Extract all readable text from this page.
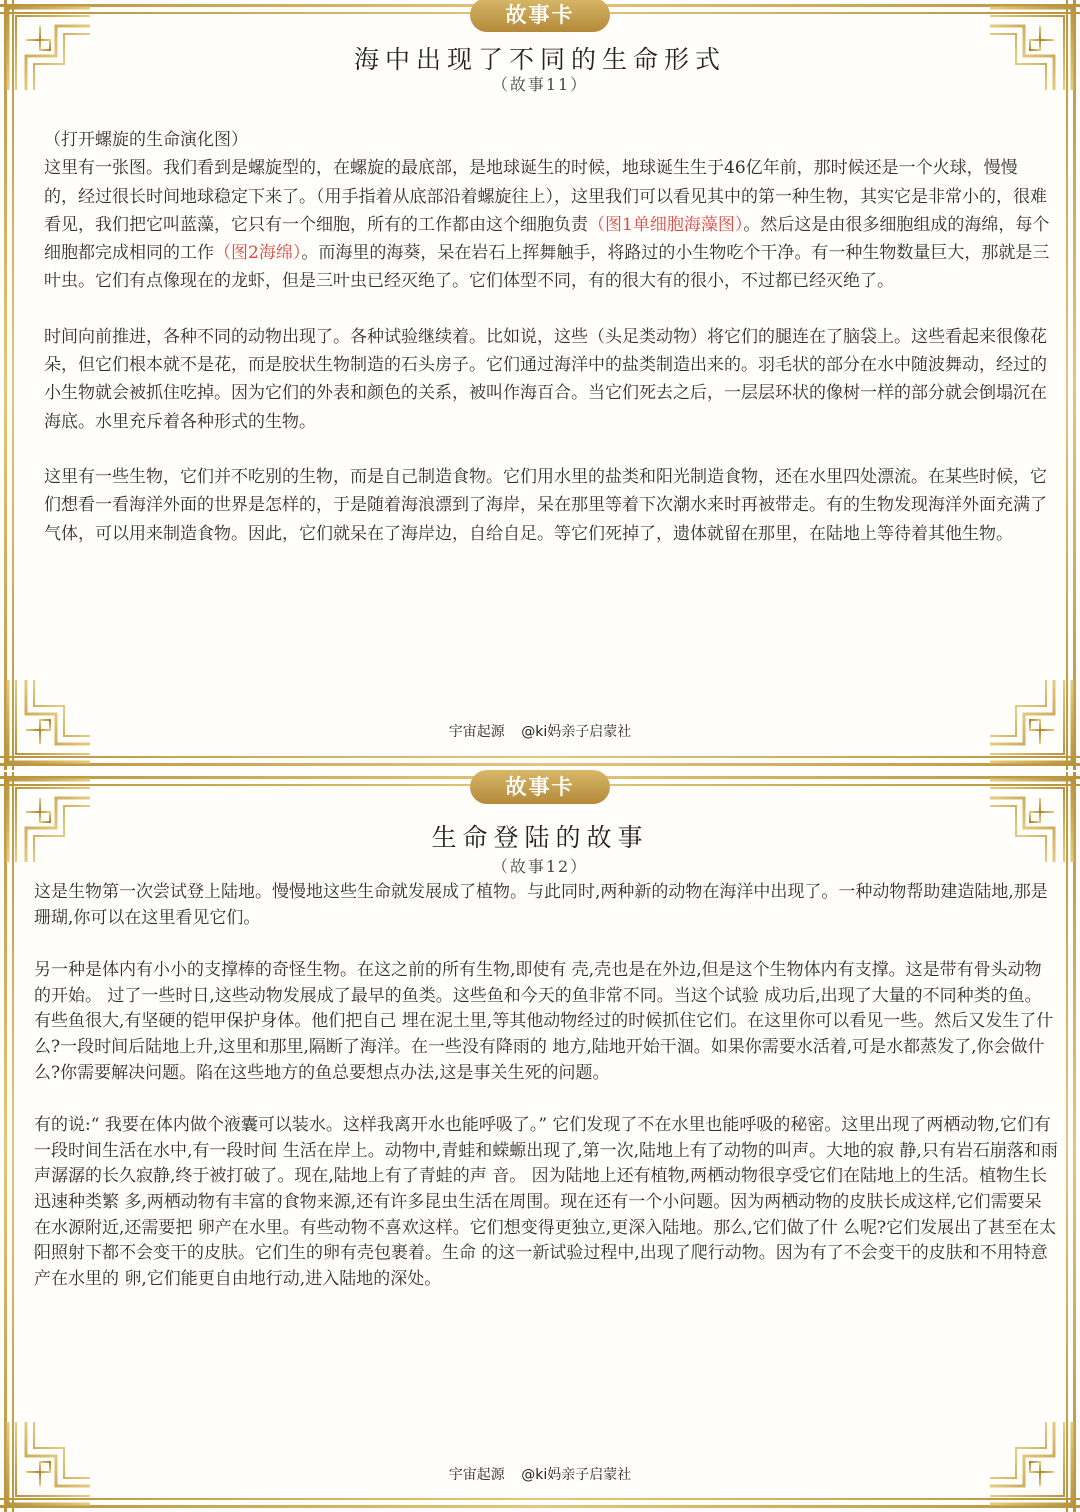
故事卡
海中出现了不同的生命形式
（故事11）

（打开螺旋的生命演化图）

这里有一张图。我们看到是螺旋型的，在螺旋的最底部，是地球诞生的时候，地球诞生生于46亿年前，那时候还是一个火球，慢慢的，经过很长时间地球稳定下来了。（用手指着从底部沿着螺旋往上），这里我们可以看见其中的第一种生物，其实它是非常小的，很难看见，我们把它叫蓝藻，它只有一个细胞，所有的工作都由这个细胞负责（图1单细胞海藻图）。然后这是由很多细胞组成的海绵，每个细胞都完成相同的工作（图2海绵）。而海里的海葵，呆在岩石上挥舞触手，将路过的小生物吃个干净。有一种生物数量巨大，那就是三叶虫。它们有点像现在的龙虾，但是三叶虫已经灭绝了。它们体型不同，有的很大有的很小，不过都已经灭绝了。

时间向前推进，各种不同的动物出现了。各种试验继续着。比如说，这些（头足类动物）将它们的腿连在了脑袋上。这些看起来很像花朵，但它们根本就不是花，而是胶状生物制造的石头房子。它们通过海洋中的盐类制造出来的。羽毛状的部分在水中随波舞动，经过的小生物就会被抓住吃掉。因为它们的外表和颜色的关系，被叫作海百合。当它们死去之后，一层层环状的像树一样的部分就会倒塌沉在海底。水里充斥着各种形式的生物。

这里有一些生物，它们并不吃别的生物，而是自己制造食物。它们用水里的盐类和阳光制造食物，还在水里四处漂流。在某些时候，它们想看一看海洋外面的世界是怎样的，于是随着海浪漂到了海岸，呆在那里等着下次潮水来时再被带走。有的生物发现海洋外面充满了气体，可以用来制造食物。因此，它们就呆在了海岸边，自给自足。等它们死掉了，遗体就留在那里，在陆地上等待着其他生物。

宇宙起源 @ki妈亲子启蒙社
故事卡
生命登陆的故事
（故事12）

这是生物第一次尝试登上陆地。慢慢地这些生命就发展成了植物。与此同时,两种新的动物在海洋中出现了。一种动物帮助建造陆地,那是珊瑚,你可以在这里看见它们。

另一种是体内有小小的支撑棒的奇怪生物。在这之前的所有生物,即使有 壳,壳也是在外边,但是这个生物体内有支撑。这是带有骨头动物的开始。 过了一些时日,这些动物发展成了最早的鱼类。这些鱼和今天的鱼非常不同。当这个试验 成功后,出现了大量的不同种类的鱼。有些鱼很大,有坚硬的铠甲保护身体。他们把自己 埋在泥土里,等其他动物经过的时候抓住它们。在这里你可以看见一些。然后又发生了什么?一段时间后陆地上升,这里和那里,隔断了海洋。在一些没有降雨的 地方,陆地开始干涸。如果你需要水活着,可是水都蒸发了,你会做什么?你需要解决问题。陷在这些地方的鱼总要想点办法,这是事关生死的问题。

有的说:“ 我要在体内做个液囊可以装水。这样我离开水也能呼吸了。” 它们发现了不在水里也能呼吸的秘密。这里出现了两栖动物,它们有一段时间生活在水中,有一段时间 生活在岸上。动物中,青蛙和蝾螈出现了,第一次,陆地上有了动物的叫声。大地的寂 静,只有岩石崩落和雨声潺潺的长久寂静,终于被打破了。现在,陆地上有了青蛙的声 音。 因为陆地上还有植物,两栖动物很享受它们在陆地上的生活。植物生长迅速种类繁 多,两栖动物有丰富的食物来源,还有许多昆虫生活在周围。现在还有一个小问题。因为两栖动物的皮肤长成这样,它们需要呆在水源附近,还需要把 卵产在水里。有些动物不喜欢这样。它们想变得更独立,更深入陆地。那么,它们做了什 么呢?它们发展出了甚至在太阳照射下都不会变干的皮肤。它们生的卵有壳包裹着。生命 的这一新试验过程中,出现了爬行动物。因为有了不会变干的皮肤和不用特意产在水里的 卵,它们能更自由地行动,进入陆地的深处。

宇宙起源 @ki妈亲子启蒙社
